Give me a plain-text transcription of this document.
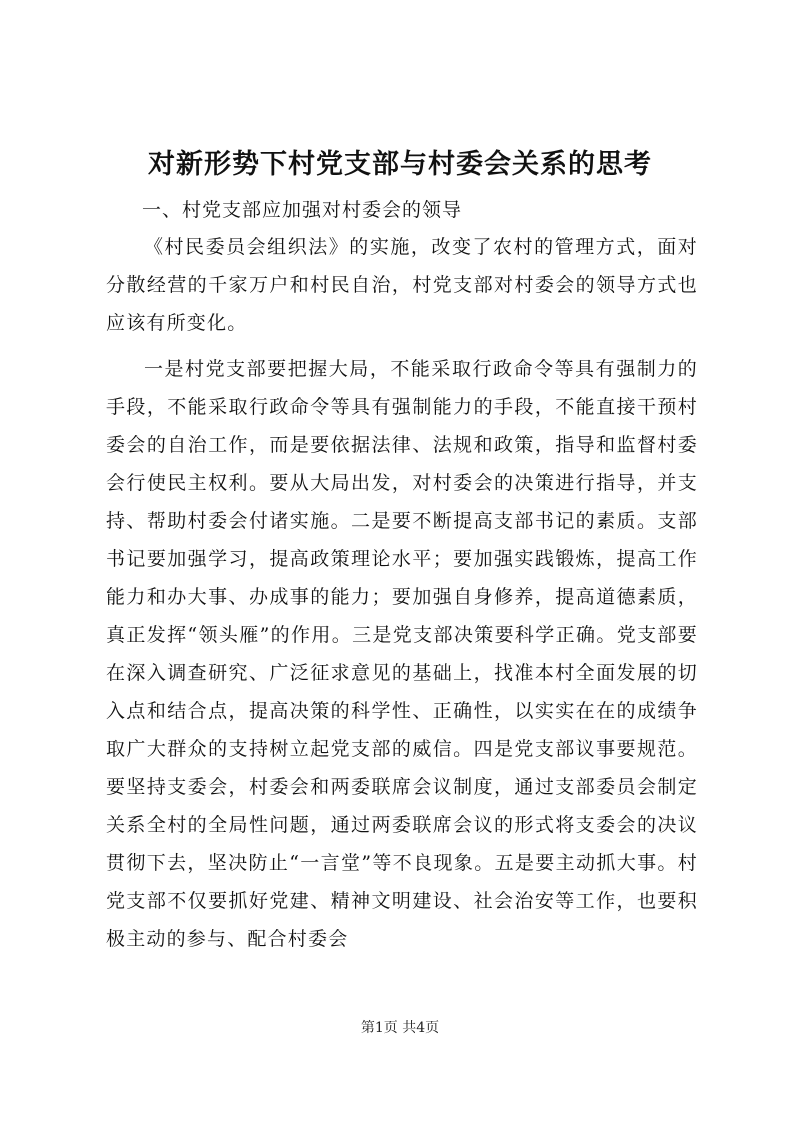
对新形势下村党支部与村委会关系的思考

一、村党支部应加强对村委会的领导

《村民委员会组织法》的实施，改变了农村的管理方式，面对分散经营的千家万户和村民自治，村党支部对村委会的领导方式也应该有所变化。

一是村党支部要把握大局，不能采取行政命令等具有强制力的手段，不能采取行政命令等具有强制能力的手段，不能直接干预村委会的自治工作，而是要依据法律、法规和政策，指导和监督村委会行使民主权利。要从大局出发，对村委会的决策进行指导，并支持、帮助村委会付诸实施。二是要不断提高支部书记的素质。支部书记要加强学习，提高政策理论水平；要加强实践锻炼，提高工作能力和办大事、办成事的能力；要加强自身修养，提高道德素质，真正发挥“领头雁”的作用。三是党支部决策要科学正确。党支部要在深入调查研究、广泛征求意见的基础上，找准本村全面发展的切入点和结合点，提高决策的科学性、正确性，以实实在在的成绩争取广大群众的支持树立起党支部的威信。四是党支部议事要规范。要坚持支委会，村委会和两委联席会议制度，通过支部委员会制定关系全村的全局性问题，通过两委联席会议的形式将支委会的决议贯彻下去，坚决防止“一言堂”等不良现象。五是要主动抓大事。村党支部不仅要抓好党建、精神文明建设、社会治安等工作，也要积极主动的参与、配合村委会

第1页 共4页
